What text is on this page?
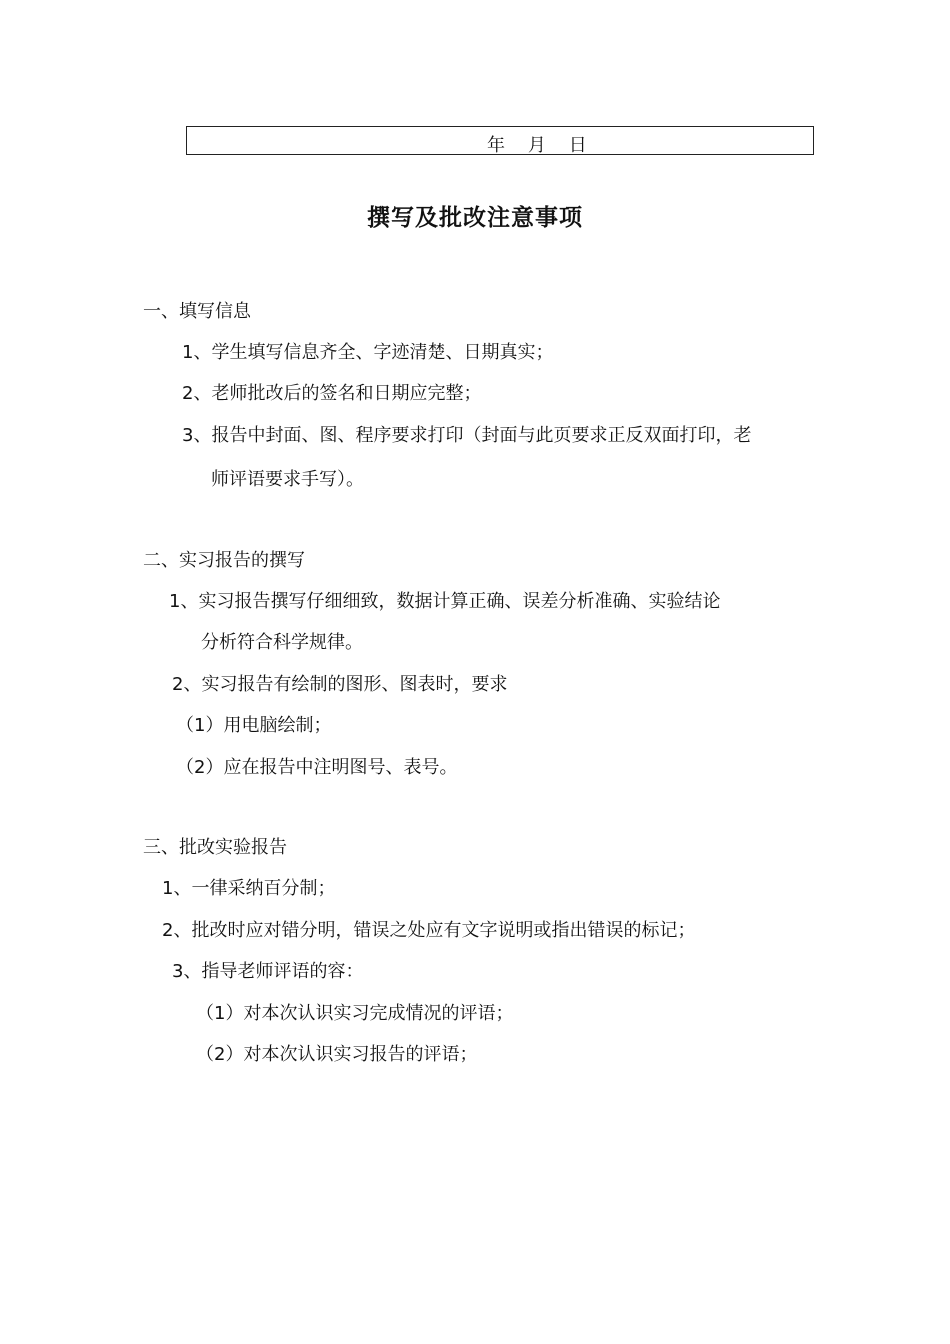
年    月    日
撰写及批改注意事项
一、填写信息
1、学生填写信息齐全、字迹清楚、日期真实；
2、老师批改后的签名和日期应完整；
3、报告中封面、图、程序要求打印（封面与此页要求正反双面打印，老
师评语要求手写）。
二、实习报告的撰写
1、实习报告撰写仔细细致，数据计算正确、误差分析准确、实验结论
分析符合科学规律。
2、实习报告有绘制的图形、图表时，要求
（1）用电脑绘制；
（2）应在报告中注明图号、表号。
三、批改实验报告
1、一律采纳百分制；
2、批改时应对错分明，错误之处应有文字说明或指出错误的标记；
3、指导老师评语的容：
（1）对本次认识实习完成情况的评语；
（2）对本次认识实习报告的评语；
